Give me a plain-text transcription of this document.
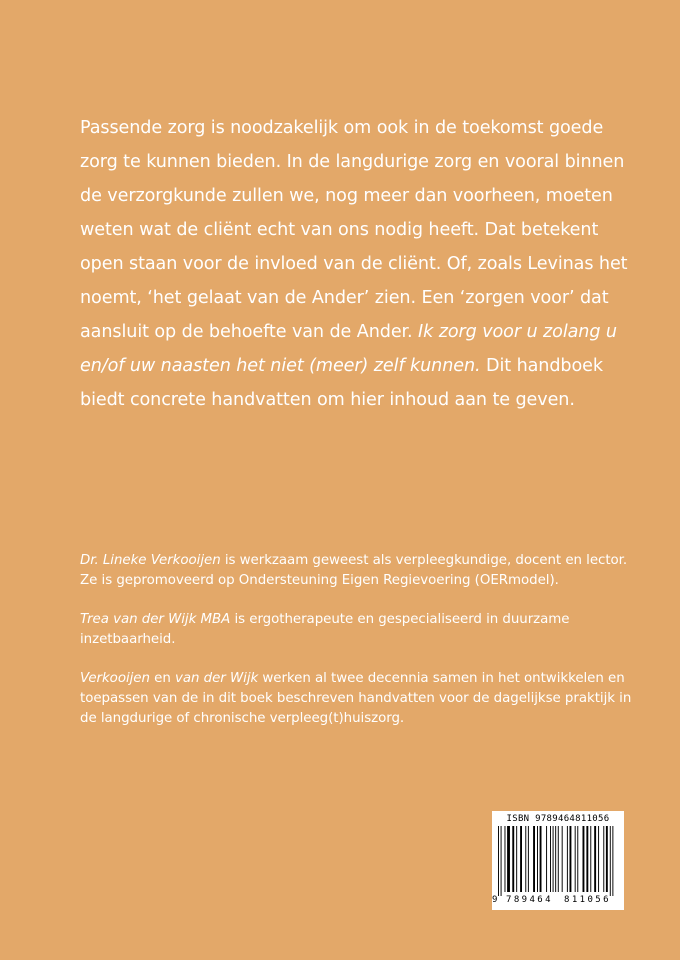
Passende zorg is noodzakelijk om ook in de toekomst goede zorg te kunnen bieden. In de langdurige zorg en vooral binnen de verzorgkunde zullen we, nog meer dan voorheen, moeten weten wat de cliënt echt van ons nodig heeft. Dat betekent open staan voor de invloed van de cliënt. Of, zoals Levinas het noemt, ‘het gelaat van de Ander’ zien. Een ‘zorgen voor’ dat aansluit op de behoefte van de Ander. Ik zorg voor u zolang u en/of uw naasten het niet (meer) zelf kunnen. Dit handboek biedt concrete handvatten om hier inhoud aan te geven.

Dr. Lineke Verkooijen is werkzaam geweest als verpleegkundige, docent en lector. Ze is gepromoveerd op Ondersteuning Eigen Regievoering (OERmodel).

Trea van der Wijk MBA is ergotherapeute en gespecialiseerd in duurzame inzetbaarheid.

Verkooijen en van der Wijk werken al twee decennia samen in het ontwikkelen en toepassen van de in dit boek beschreven handvatten voor de dagelijkse praktijk in de langdurige of chronische verpleeg(t)huiszorg.

ISBN 9789464811056
9 789464 811056
